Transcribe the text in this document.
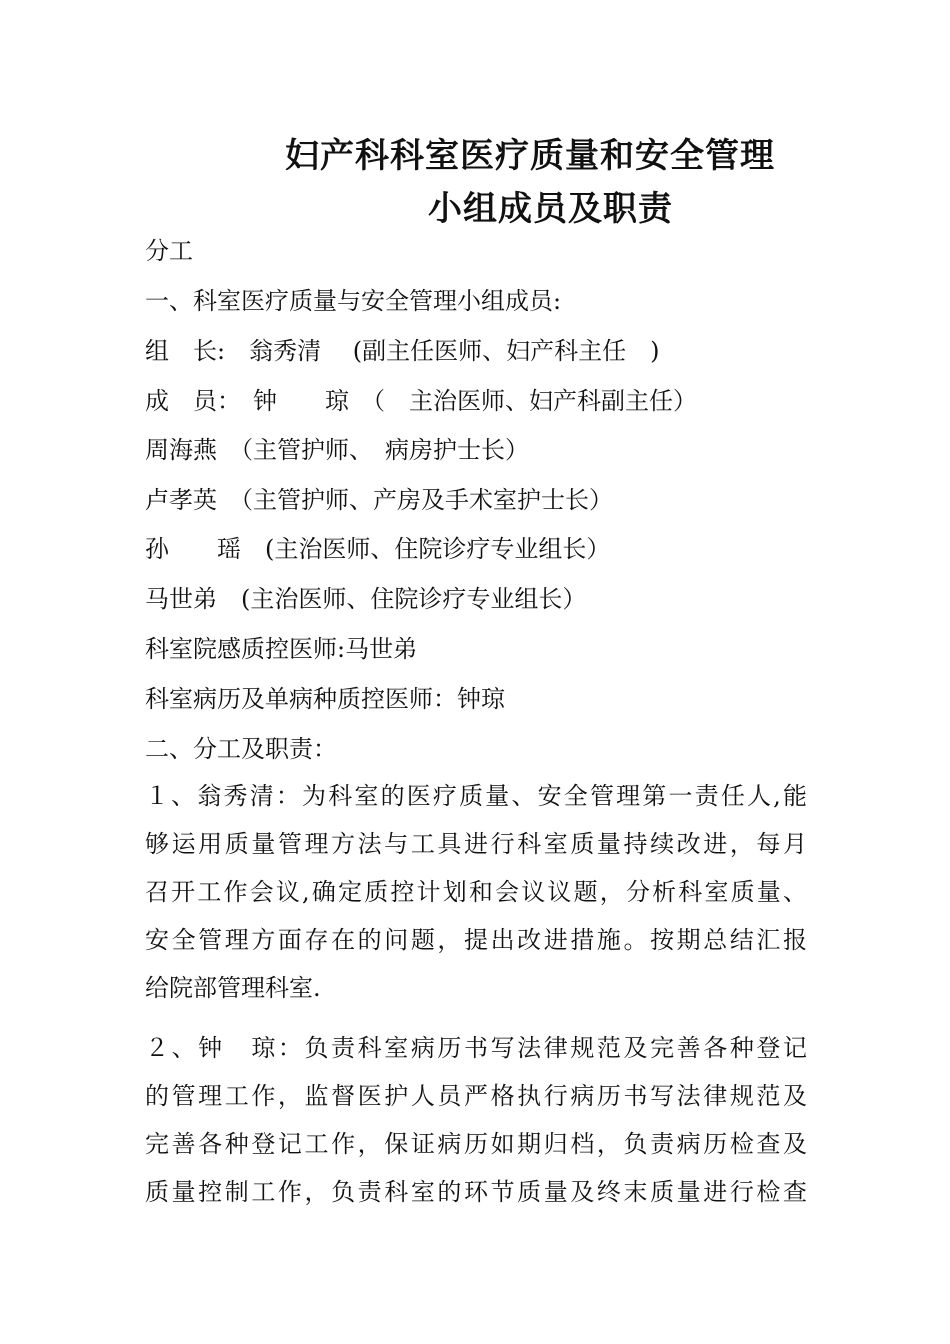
妇产科科室医疗质量和安全管理
小组成员及职责
分工
一、科室医疗质量与安全管理小组成员:
组　长:　翁秀清　 (副主任医师、妇产科主任　)
成　员：　钟　　琼　（　主治医师、妇产科副主任）
周海燕　（主管护师、　病房护士长）
卢孝英　（主管护师、产房及手术室护士长）
孙　　瑶　(主治医师、住院诊疗专业组长）
马世弟　(主治医师、住院诊疗专业组长）
科室院感质控医师:马世弟
科室病历及单病种质控医师：钟琼
二、分工及职责：
１、翁秀清：为科室的医疗质量、安全管理第一责任人,能
够运用质量管理方法与工具进行科室质量持续改进，每月
召开工作会议,确定质控计划和会议议题，分析科室质量、
安全管理方面存在的问题，提出改进措施。按期总结汇报
给院部管理科室.
２、钟　琼：负责科室病历书写法律规范及完善各种登记
的管理工作，监督医护人员严格执行病历书写法律规范及
完善各种登记工作，保证病历如期归档，负责病历检查及
质量控制工作，负责科室的环节质量及终末质量进行检查
